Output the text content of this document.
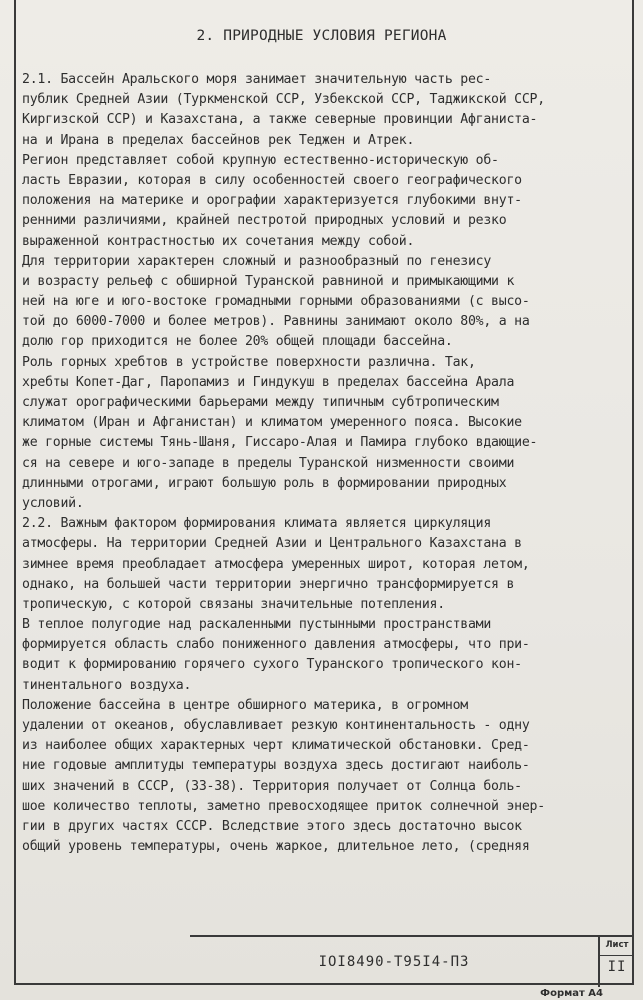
2. ПРИРОДНЫЕ УСЛОВИЯ РЕГИОНА
2.1. Бассейн Аральского моря занимает значительную часть рес-
публик Средней Азии (Туркменской ССР, Узбекской ССР, Таджикской ССР,
Киргизской ССР) и Казахстана, а также северные провинции Афганиста-
на и Ирана в пределах бассейнов рек Теджен и Атрек.
Регион представляет собой крупную естественно-историческую об-
ласть Евразии, которая в силу особенностей своего географического
положения на материке и орографии характеризуется глубокими внут-
ренними различиями, крайней пестротой природных условий и резко
выраженной контрастностью их сочетания между собой.
Для территории характерен сложный и разнообразный по генезису
и возрасту рельеф с обширной Туранской равниной и примыкающими к
ней на юге и юго-востоке громадными горными образованиями (с высо-
той до 6000-7000 и более метров). Равнины занимают около 80%, а на
долю гор приходится не более 20% общей площади бассейна.
Роль горных хребтов в устройстве поверхности различна. Так,
хребты Копет-Даг, Паропамиз и Гиндукуш в пределах бассейна Арала
служат орографическими барьерами между типичным субтропическим
климатом (Иран и Афганистан) и климатом умеренного пояса. Высокие
же горные системы Тянь-Шаня, Гиссаро-Алая и Памира глубоко вдающие-
ся на севере и юго-западе в пределы Туранской низменности своими
длинными отрогами, играют большую роль в формировании природных
условий.
2.2. Важным фактором формирования климата является циркуляция
атмосферы. На территории Средней Азии и Центрального Казахстана в
зимнее время преобладает атмосфера умеренных широт, которая летом,
однако, на большей части территории энергично трансформируется в
тропическую, с которой связаны значительные потепления.
В теплое полугодие над раскаленными пустынными пространствами
формируется область слабо пониженного давления атмосферы, что при-
водит к формированию горячего сухого Туранского тропического кон-
тинентального воздуха.
Положение бассейна в центре обширного материка, в огромном
удалении от океанов, обуславливает резкую континентальность - одну
из наиболее общих характерных черт климатической обстановки. Сред-
ние годовые амплитуды температуры воздуха здесь достигают наиболь-
ших значений в СССР, (33-38). Территория получает от Солнца боль-
шое количество теплоты, заметно превосходящее приток солнечной энер-
гии в других частях СССР. Вследствие этого здесь достаточно высок
общий уровень температуры, очень жаркое, длительное лето, (средняя
IОI8490-Т95I4-ПЗ
Лист
II
Формат А4
